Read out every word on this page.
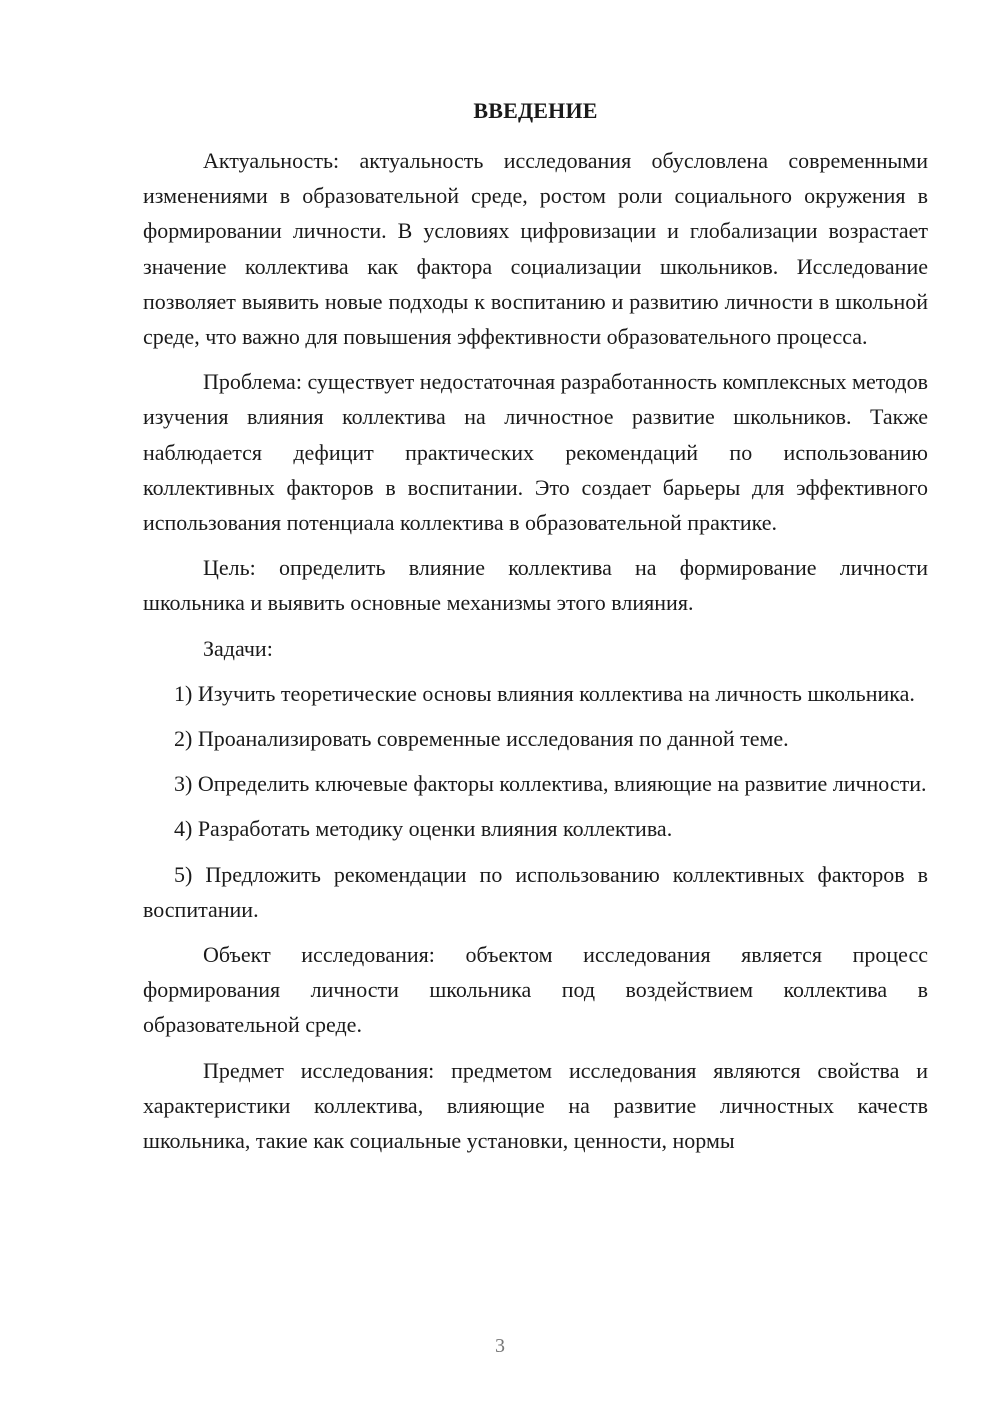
ВВЕДЕНИЕ

Актуальность: актуальность исследования обусловлена современными изменениями в образовательной среде, ростом роли социального окружения в формировании личности. В условиях цифровизации и глобализации возрастает значение коллектива как фактора социализации школьников. Исследование позволяет выявить новые подходы к воспитанию и развитию личности в школьной среде, что важно для повышения эффективности образовательного процесса.

Проблема: существует недостаточная разработанность комплексных методов изучения влияния коллектива на личностное развитие школьников. Также наблюдается дефицит практических рекомендаций по использованию коллективных факторов в воспитании. Это создает барьеры для эффективного использования потенциала коллектива в образовательной практике.

Цель: определить влияние коллектива на формирование личности школьника и выявить основные механизмы этого влияния.

Задачи:

1) Изучить теоретические основы влияния коллектива на личность школьника.

2) Проанализировать современные исследования по данной теме.

3) Определить ключевые факторы коллектива, влияющие на развитие личности.

4) Разработать методику оценки влияния коллектива.

5) Предложить рекомендации по использованию коллективных факторов в воспитании.

Объект исследования: объектом исследования является процесс формирования личности школьника под воздействием коллектива в образовательной среде.

Предмет исследования: предметом исследования являются свойства и характеристики коллектива, влияющие на развитие личностных качеств школьника, такие как социальные установки, ценности, нормы

3
